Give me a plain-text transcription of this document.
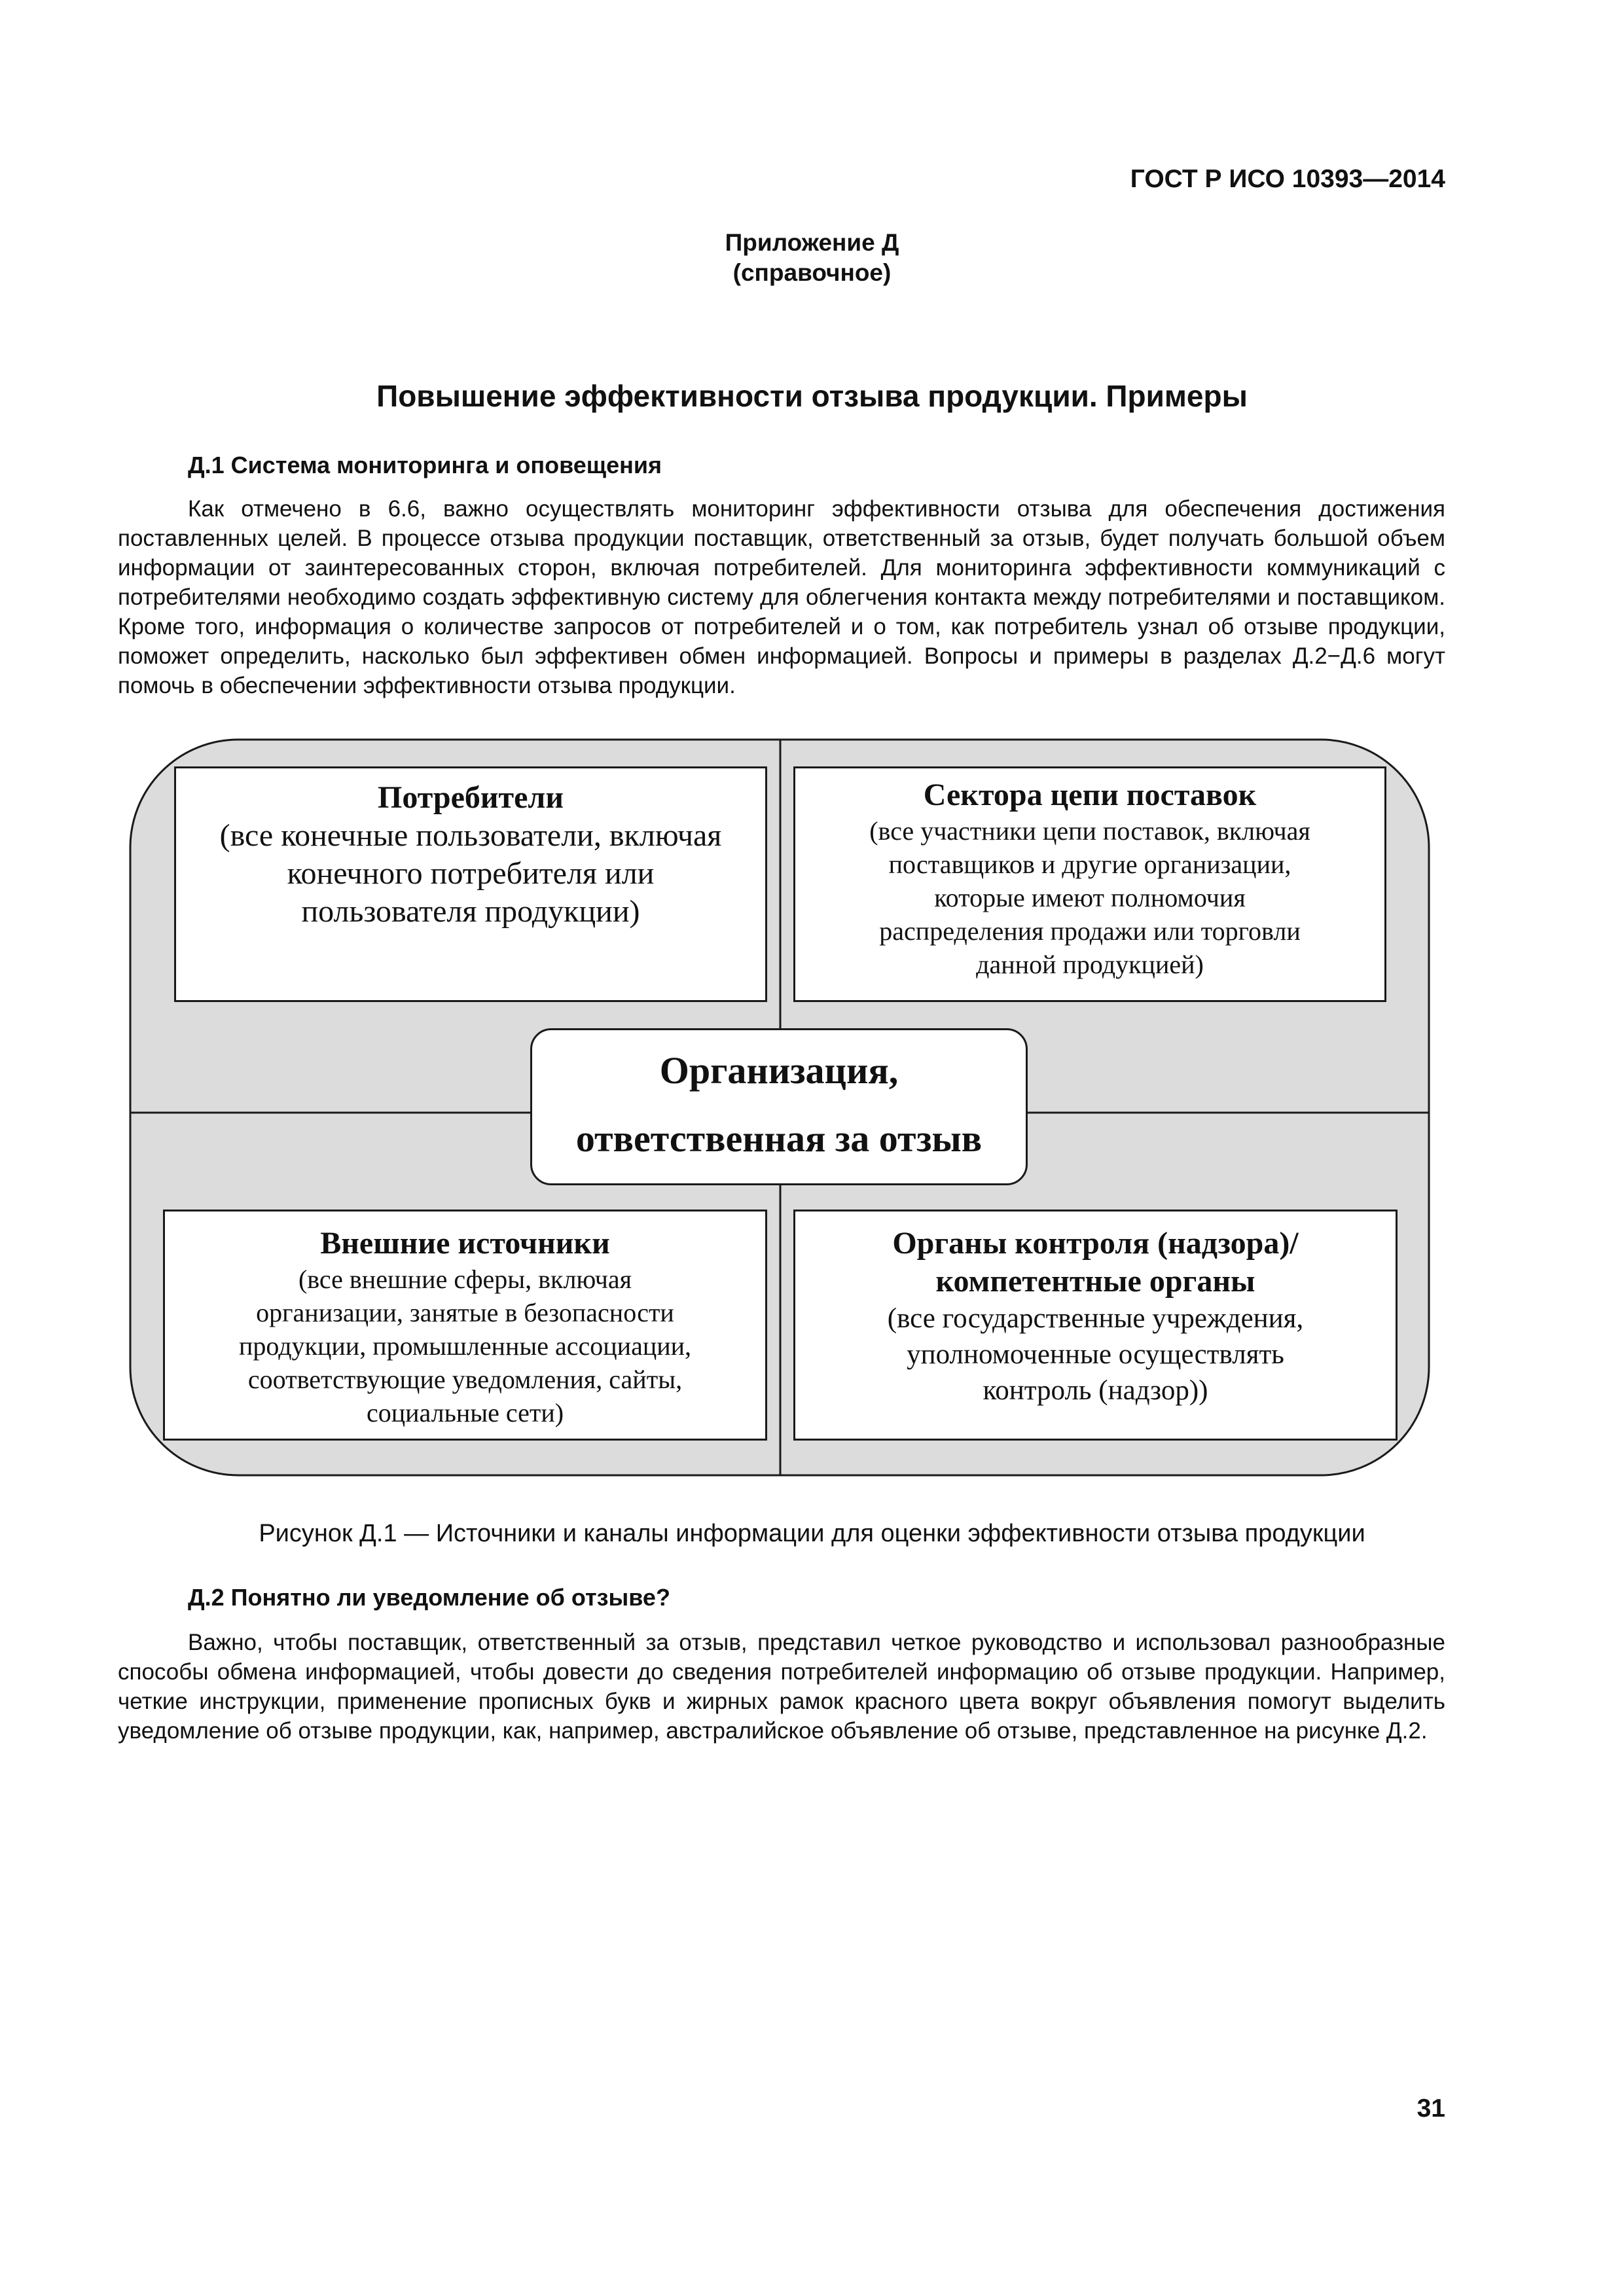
ГОСТ Р ИСО 10393—2014
Приложение Д
(справочное)
Повышение эффективности отзыва продукции. Примеры
Д.1 Система мониторинга и оповещения

Как отмечено в 6.6, важно осуществлять мониторинг эффективности отзыва для обеспечения достижения поставленных целей. В процессе отзыва продукции поставщик, ответственный за отзыв, будет получать большой объем информации от заинтересованных сторон, включая потребителей. Для мониторинга эффективности коммуникаций с потребителями необходимо создать эффективную систему для облегчения контакта между потребителями и поставщиком. Кроме того, информация о количестве запросов от потребителей и о том, как потребитель узнал об отзыве продукции, поможет определить, насколько был эффективен обмен информацией. Вопросы и примеры в разделах Д.2−Д.6 могут помочь в обеспечении эффективности отзыва продукции.

Потребители
(все конечные пользователи, включая
конечного потребителя или
пользователя продукции)
Сектора цепи поставок
(все участники цепи поставок, включая
поставщиков и другие организации,
которые имеют полномочия
распределения продажи или торговли
данной продукцией)
Организация,
ответственная за отзыв
Внешние источники
(все внешние сферы, включая
организации, занятые в безопасности
продукции, промышленные ассоциации,
соответствующие уведомления, сайты,
социальные сети)
Органы контроля (надзора)/
компетентные органы
(все государственные учреждения,
уполномоченные осуществлять
контроль (надзор))
Рисунок Д.1 — Источники и каналы информации для оценки эффективности отзыва продукции
Д.2 Понятно ли уведомление об отзыве?

Важно, чтобы поставщик, ответственный за отзыв, представил четкое руководство и использовал разнообразные способы обмена информацией, чтобы довести до сведения потребителей информацию об отзыве продукции. Например, четкие инструкции, применение прописных букв и жирных рамок красного цвета вокруг объявления помогут выделить уведомление об отзыве продукции, как, например, австралийское объявление об отзыве, представленное на рисунке Д.2.

31
